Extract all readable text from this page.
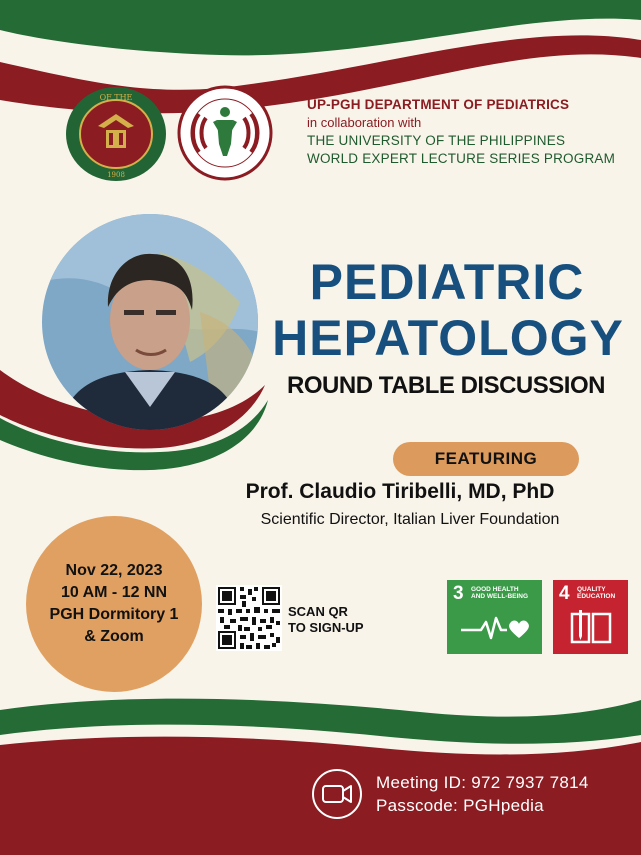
OF THE
1908
UP-PGH DEPARTMENT OF PEDIATRICS
in collaboration with
THE UNIVERSITY OF THE PHILIPPINES
WORLD EXPERT LECTURE SERIES PROGRAM
PEDIATRIC
HEPATOLOGY
ROUND TABLE DISCUSSION
FEATURING
Prof. Claudio Tiribelli, MD, PhD
Scientific Director, Italian Liver Foundation
Nov 22, 2023
10 AM - 12 NN
PGH Dormitory 1
& Zoom
SCAN QR
TO SIGN-UP
3 GOOD HEALTH
AND WELL-BEING 4 QUALITY
EDUCATION
Meeting ID: 972 7937 7814
Passcode: PGHpedia
